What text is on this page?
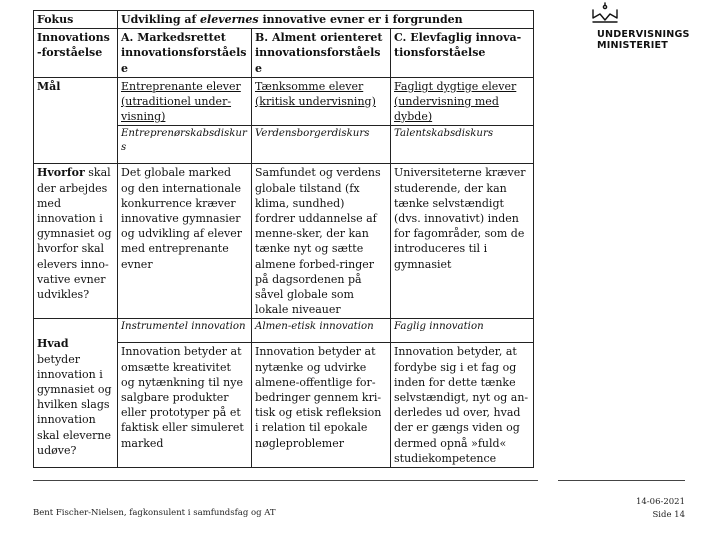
UNDERVISNINGS
MINISTERIET
Fokus	Udvikling af elevernes innovative evner er i forgrunden		
Innovations-forståelse	A. Markedsrettet innovationsforståelse	B. Alment orienteret innovationsforståelse	C. Elevfaglig innova-tionsforståelse
Mål	Entreprenante elever (utraditionel under-visning)	Tænksomme elever (kritisk undervisning)	Fagligt dygtige elever (undervisning med dybde)
	Entreprenørskabsdiskurs	Verdensborgerdiskurs	Talentskabsdiskurs
Hvorfor skal der arbejdes med innovation i gymnasiet og hvorfor skal elevers inno-vative evner udvikles?	Det globale marked og den internationale konkurrence kræver innovative gymnasier og udvikling af elever med entreprenante evner	Samfundet og verdens globale tilstand (fx klima, sundhed) fordrer uddannelse af menne-sker, der kan tænke nyt og sætte almene forbed-ringer på dagsordenen på såvel globale som lokale niveauer	Universiteterne kræver studerende, der kan tænke selvstændigt (dvs. innovativt) inden for fagområder, som de introduceres til i gymnasiet

Hvad betyder innovation i gymnasiet og hvilken slags innovation skal eleverne udøve?	Instrumentel innovation	Almen-etisk innovation	Faglig innovation
	Innovation betyder at omsætte kreativitet og nytænkning til nye salgbare produkter eller prototyper på et faktisk eller simuleret marked	Innovation betyder at nytænke og udvirke almene-offentlige for-bedringer gennem kri-tisk og etisk refleksion i relation til epokale nøgleproblemer	Innovation betyder, at fordybe sig i et fag og inden for dette tænke selvstændigt, nyt og an-derledes ud over, hvad der er gængs viden og dermed opnå »fuld« studiekompetence
Bent Fischer-Nielsen, fagkonsulent i samfundsfag og AT
14-06-2021
Side 14
